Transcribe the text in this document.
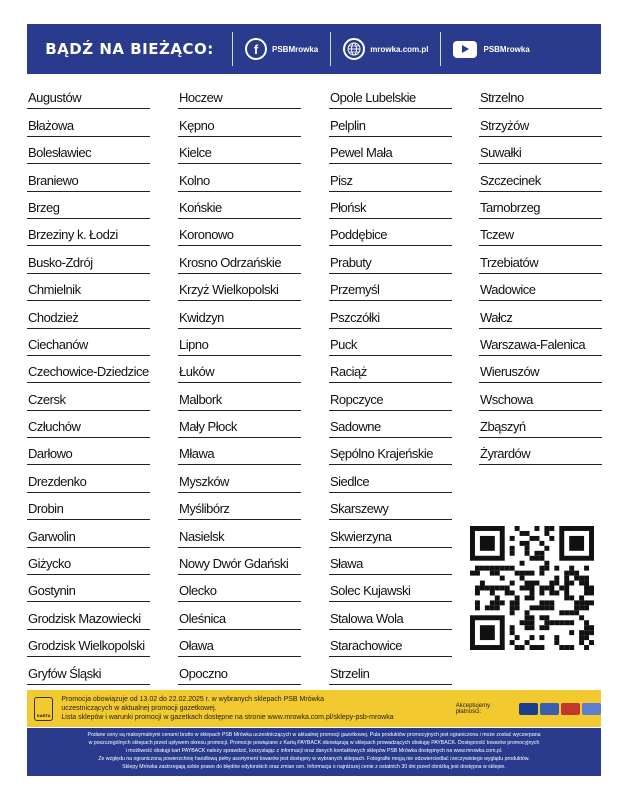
BĄDŹ NA BIEŻĄCO:	f	PSBMrowka	mrowka.com.pl	PSBMrowka
Augustów
Błażowa
Bolesławiec
Braniewo
Brzeg
Brzeziny k. Łodzi
Busko-Zdrój
Chmielnik
Chodzież
Ciechanów
Czechowice-Dziedzice
Czersk
Człuchów
Darłowo
Drezdenko
Drobin
Garwolin
Giżycko
Gostynin
Grodzisk Mazowiecki
Grodzisk Wielkopolski
Gryfów Śląski
Hoczew
Kępno
Kielce
Kolno
Końskie
Koronowo
Krosno Odrzańskie
Krzyż Wielkopolski
Kwidzyn
Lipno
Łuków
Malbork
Mały Płock
Mława
Myszków
Myślibórz
Nasielsk
Nowy Dwór Gdański
Olecko
Oleśnica
Oława
Opoczno
Opole Lubelskie
Pelplin
Pewel Mała
Pisz
Płońsk
Poddębice
Prabuty
Przemyśl
Pszczółki
Puck
Raciąż
Ropczyce
Sadowne
Sępólno Krajeńskie
Siedlce
Skarszewy
Skwierzyna
Sława
Solec Kujawski
Stalowa Wola
Starachowice
Strzelin
Strzelno
Strzyżów
Suwałki
Szczecinek
Tarnobrzeg
Tczew
Trzebiatów
Wadowice
Wałcz
Warszawa-Falenica
Wieruszów
Wschowa
Zbąszyń
Żyrardów
KARTA
Promocja obowiązuje od 13.02 do 22.02.2025 r. w wybranych sklepach PSB Mrówka
uczestniczących w aktualnej promocji gazetkowej.
Lista sklepów i warunki promocji w gazetkach dostępne na stronie www.mrowka.com.pl/sklepy-psb-mrowka
Akceptujemy płatności:
Podane ceny są maksymalnymi cenami brutto w sklepach PSB Mrówka uczestniczących w aktualnej promocji gazetkowej. Pula produktów promocyjnych jest ograniczona i może zostać wyczerpana
w poszczególnych sklepach przed upływem okresu promocji. Promocje powiązane z Kartą PAYBACK obowiązują w sklepach prowadzących obsługę PAYBACK. Dostępność towarów promocyjnych
i możliwość obsługi kart PAYBACK należy sprawdzić, korzystając z informacji oraz danych kontaktowych sklepów PSB Mrówka dostępnych na www.mrowka.com.pl.
Ze względu na ograniczoną powierzchnię handlową pełny asortyment towarów jest dostępny w wybranych sklepach. Fotografie mogą nie odzwierciedlać rzeczywistego wyglądu produktów.
Sklepy Mrówka zastrzegają sobie prawo do błędów edytorskich oraz zmian cen. Informacja o najniższej cenie z ostatnich 30 dni przed obniżką jest dostępna w sklepie.
